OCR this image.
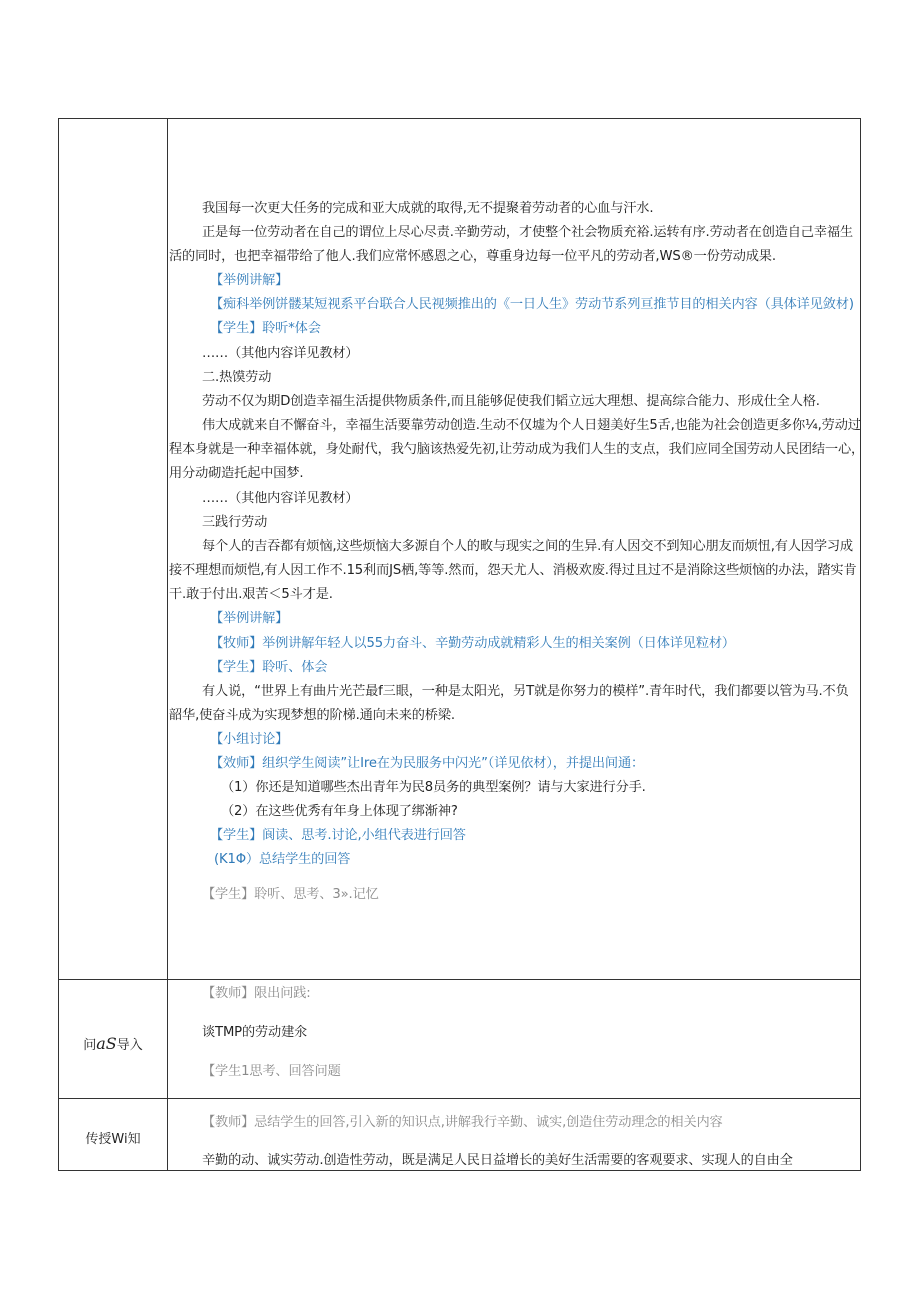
我国每一次更大任务的完成和亚大成就的取得,无不提聚着劳动者的心血与汗水.
正是每一位劳动者在自己的谓位上尽心尽责.辛勤劳动，才使整个社会物质充裕.运转有序.劳动者在创造自己幸福生
活的同时，也把幸福带给了他人.我们应常怀感恩之心，尊重身边每一位平凡的劳动者,WS®一份劳动成果.
【举例讲解】
【痴科举例饼髅某短视系平台联合人民视频推出的《一日人生》劳动节系列亘推节目的相关内容（具体详见敛材)
【学生】聆听*体会
……（其他内容详见教材）
二.热馍劳动
劳动不仅为期D创造幸福生活提供物质条件,而且能够促使我们韬立远大理想、提高综合能力、形成仕全人格.
伟大成就来自不懈奋斗，幸福生活要靠劳动创造.生动不仅墟为个人日翅美好生5舌,也能为社会创造更多你¼,劳动过
程本身就是一种幸福体就，身处耐代，我勺脑该热爱先初,让劳动成为我们人生的支点，我们应同全国劳动人民团结一心，
用分动砌造托起中国梦.
……（其他内容详见教材）
三践行劳动
每个人的吉吞都有烦恼,这些烦恼大多源自个人的畋与现实之间的生异.有人因交不到知心朋友而烦忸,有人因学习成
接不理想而烦恺,有人因工作不.15利而JS栖,等等.然而，怨天尤人、消极欢废.得过且过不是消除这些烦恼的办法，踏实肯
干.敢于付出.艰苦＜5斗才是.
【举例讲解】
【牧师】举例讲解年轻人以55力奋斗、辛勤劳动成就精彩人生的相关案例（日体详见粒材）
【学生】聆听、体会
有人说，“世界上有曲片光芒最f三眼，一种是太阳光，另T就是你努力的模样”.青年时代，我们都要以管为马.不负
韶华,使奋斗成为实现梦想的阶梯.通向未来的桥梁.
【小组讨论】
【效师】组织学生阅读”让Ire在为民服务中闪光”（详见依材），并提出间通：
（1）你还是知道哪些杰出青年为民8员务的典型案例？请与大家进行分手.
（2）在这些优秀有年身上体现了绑渐神?
【学生】阆读、思考.讨论,小组代表进行回答
(K1Φ）总结学生的回答
【学生】聆听、思考、3».记忆
问aS导入
【教师】限出问践:
谈TMP的劳动建氽
【学生1思考、回答问题
传授Wi知
【教师】忌结学生的回答,引入新的知识点,讲解我行辛勤、诚实,创造住劳动理念的相关内容
辛勤的动、诚实劳动.创造性劳动，既是满足人民日益增长的美好生活需要的客观要求、实现人的自由全
